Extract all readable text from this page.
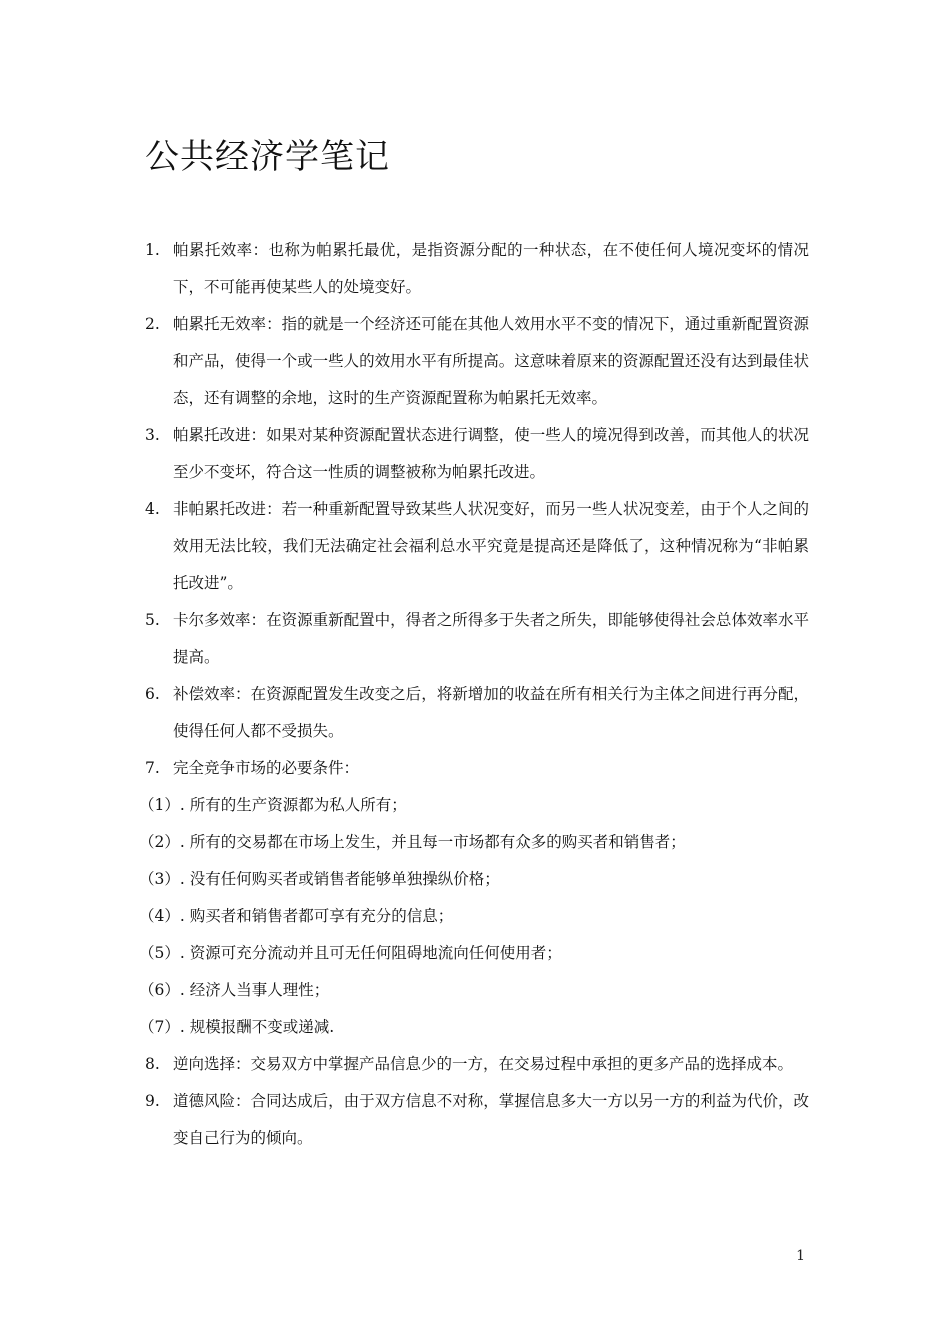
公共经济学笔记

1. 帕累托效率：也称为帕累托最优，是指资源分配的一种状态，在不使任何人境况变坏的情况下，不可能再使某些人的处境变好。

2. 帕累托无效率：指的就是一个经济还可能在其他人效用水平不变的情况下，通过重新配置资源和产品，使得一个或一些人的效用水平有所提高。这意味着原来的资源配置还没有达到最佳状态，还有调整的余地，这时的生产资源配置称为帕累托无效率。

3. 帕累托改进：如果对某种资源配置状态进行调整，使一些人的境况得到改善，而其他人的状况至少不变坏，符合这一性质的调整被称为帕累托改进。

4. 非帕累托改进：若一种重新配置导致某些人状况变好，而另一些人状况变差，由于个人之间的效用无法比较，我们无法确定社会福利总水平究竟是提高还是降低了，这种情况称为“非帕累托改进”。

5. 卡尔多效率：在资源重新配置中，得者之所得多于失者之所失，即能够使得社会总体效率水平提高。

6. 补偿效率：在资源配置发生改变之后，将新增加的收益在所有相关行为主体之间进行再分配，使得任何人都不受损失。

7. 完全竞争市场的必要条件：

（1）. 所有的生产资源都为私人所有；

（2）. 所有的交易都在市场上发生，并且每一市场都有众多的购买者和销售者；

（3）. 没有任何购买者或销售者能够单独操纵价格；

（4）. 购买者和销售者都可享有充分的信息；

（5）. 资源可充分流动并且可无任何阻碍地流向任何使用者；

（6）. 经济人当事人理性；

（7）. 规模报酬不变或递减.

8. 逆向选择：交易双方中掌握产品信息少的一方，在交易过程中承担的更多产品的选择成本。

9. 道德风险：合同达成后，由于双方信息不对称，掌握信息多大一方以另一方的利益为代价，改变自己行为的倾向。

1
